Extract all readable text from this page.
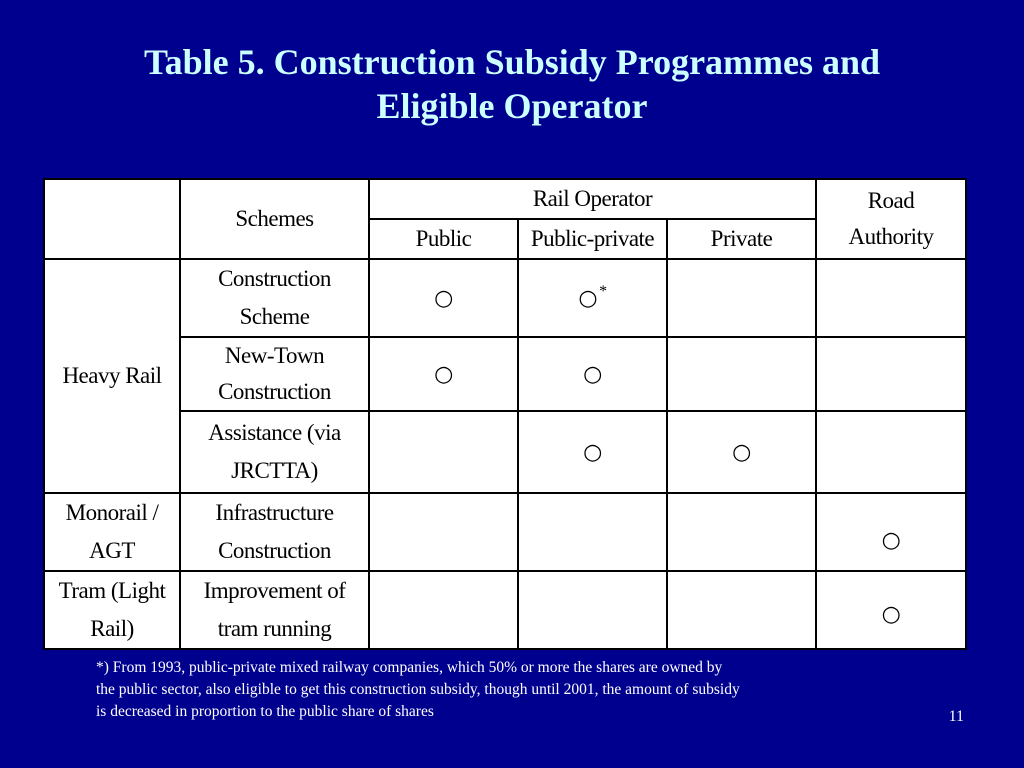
Table 5. Construction Subsidy Programmes and
Eligible Operator
	Schemes	Rail Operator			Road
Authority

		Public	Public-private	Private	
Heavy Rail	Construction
Scheme	○	○ *		

	New-Town
Construction	○	○		

	Assistance (via
JRCTTA)		○	○	

Monorail /
AGT	Infrastructure
Construction				○

Tram (Light
Rail)	Improvement of
tram running				○
*) From 1993, public-private mixed railway companies, which 50% or more the shares are owned by
the public sector, also eligible to get this construction subsidy, though until 2001, the amount of subsidy
is decreased in proportion to the public share of shares	11
